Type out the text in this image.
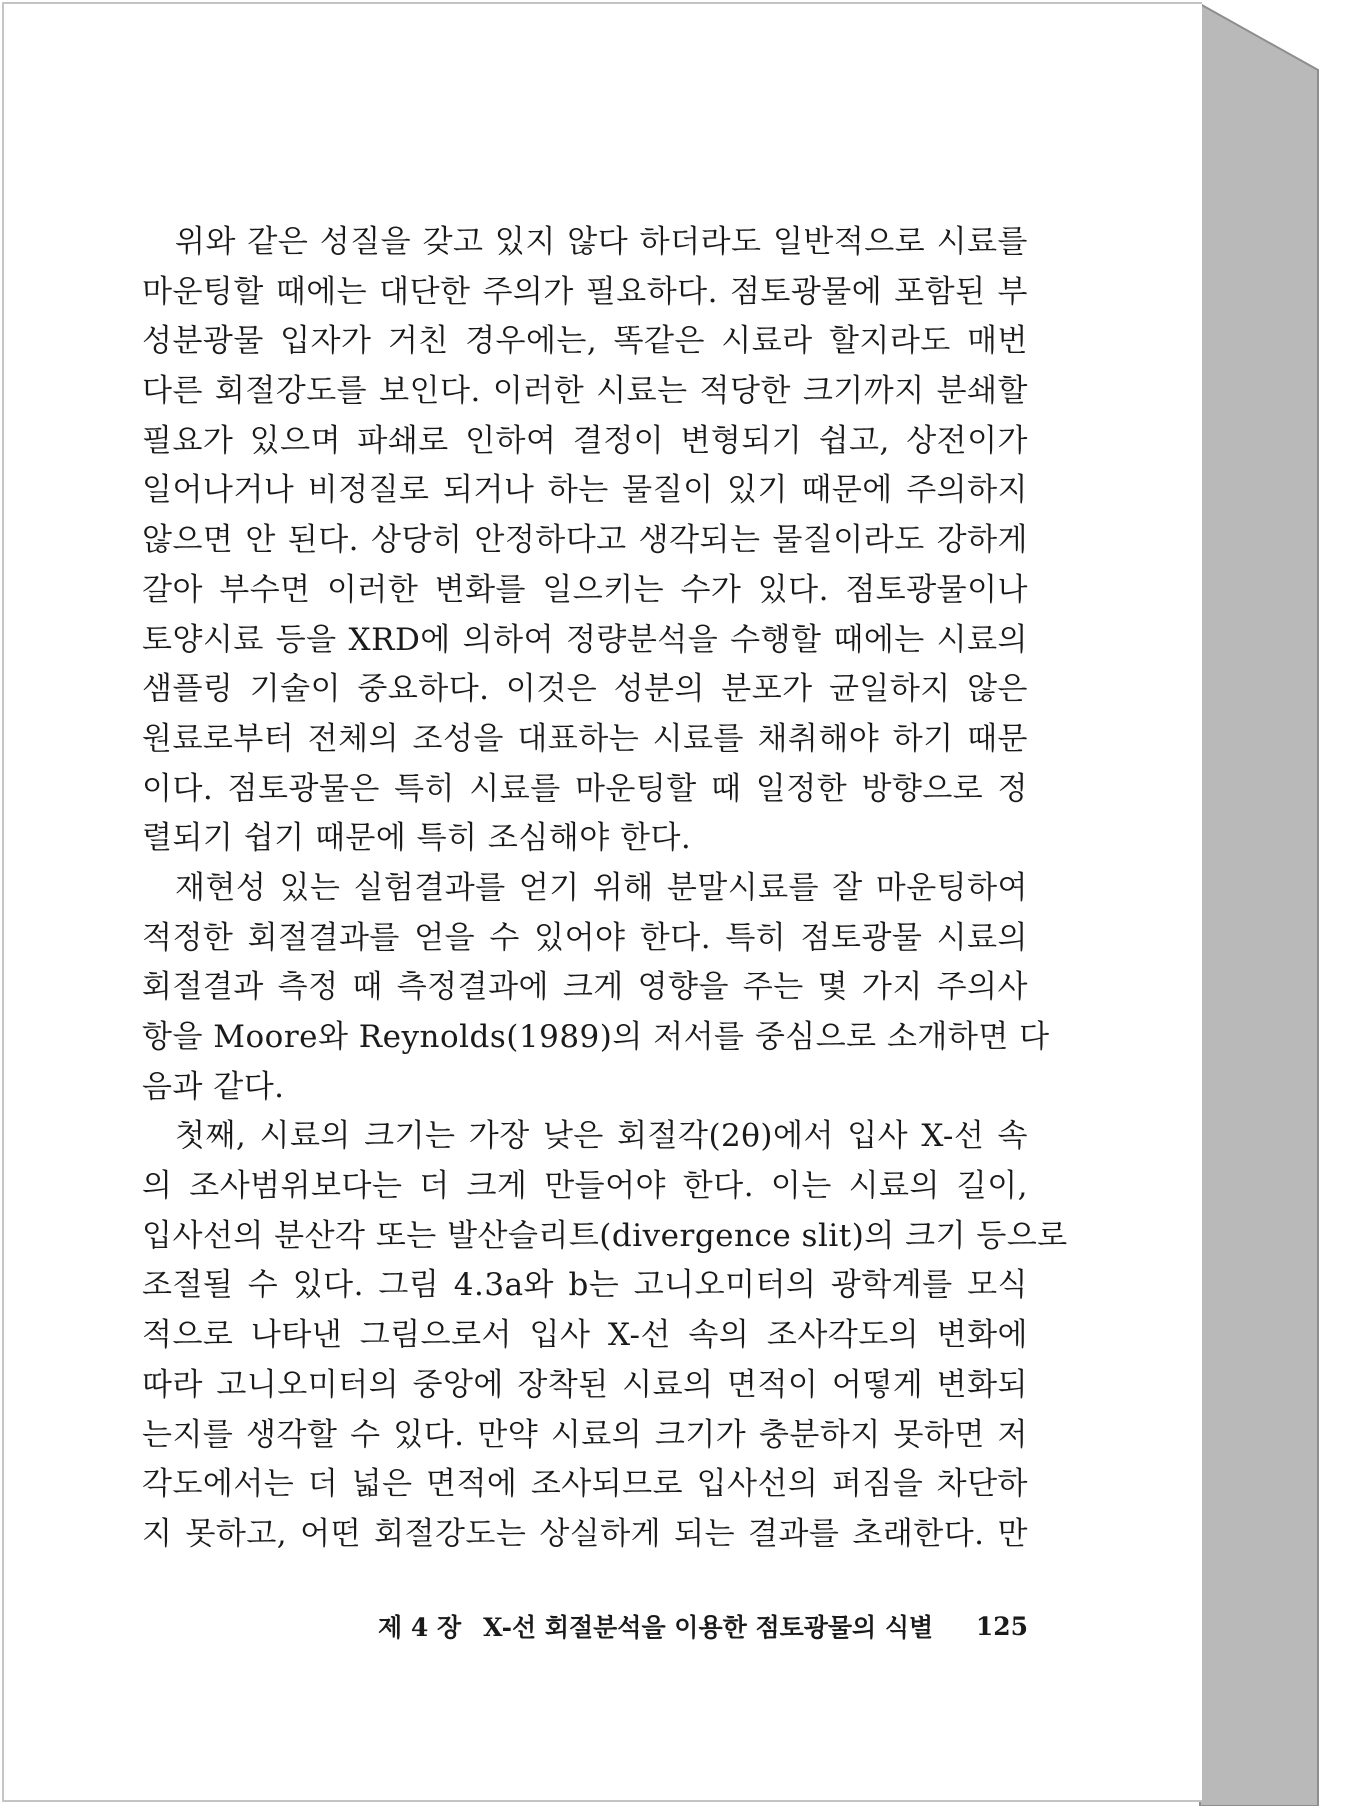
위와 같은 성질을 갖고 있지 않다 하더라도 일반적으로 시료를
마운팅할 때에는 대단한 주의가 필요하다. 점토광물에 포함된 부
성분광물 입자가 거친 경우에는, 똑같은 시료라 할지라도 매번
다른 회절강도를 보인다. 이러한 시료는 적당한 크기까지 분쇄할
필요가 있으며 파쇄로 인하여 결정이 변형되기 쉽고, 상전이가
일어나거나 비정질로 되거나 하는 물질이 있기 때문에 주의하지
않으면 안 된다. 상당히 안정하다고 생각되는 물질이라도 강하게
갈아 부수면 이러한 변화를 일으키는 수가 있다. 점토광물이나
토양시료 등을 XRD에 의하여 정량분석을 수행할 때에는 시료의
샘플링 기술이 중요하다. 이것은 성분의 분포가 균일하지 않은
원료로부터 전체의 조성을 대표하는 시료를 채취해야 하기 때문
이다. 점토광물은 특히 시료를 마운팅할 때 일정한 방향으로 정
렬되기 쉽기 때문에 특히 조심해야 한다.
재현성 있는 실험결과를 얻기 위해 분말시료를 잘 마운팅하여
적정한 회절결과를 얻을 수 있어야 한다. 특히 점토광물 시료의
회절결과 측정 때 측정결과에 크게 영향을 주는 몇 가지 주의사
항을 Moore와 Reynolds(1989)의 저서를 중심으로 소개하면 다
음과 같다.
첫째, 시료의 크기는 가장 낮은 회절각(2θ)에서 입사 X-선 속
의 조사범위보다는 더 크게 만들어야 한다. 이는 시료의 길이,
입사선의 분산각 또는 발산슬리트(divergence slit)의 크기 등으로
조절될 수 있다. 그림 4.3a와 b는 고니오미터의 광학계를 모식
적으로 나타낸 그림으로서 입사 X-선 속의 조사각도의 변화에
따라 고니오미터의 중앙에 장착된 시료의 면적이 어떻게 변화되
는지를 생각할 수 있다. 만약 시료의 크기가 충분하지 못하면 저
각도에서는 더 넓은 면적에 조사되므로 입사선의 퍼짐을 차단하
지 못하고, 어떤 회절강도는 상실하게 되는 결과를 초래한다. 만
제 4 장 X-선 회절분석을 이용한 점토광물의 식별	125
